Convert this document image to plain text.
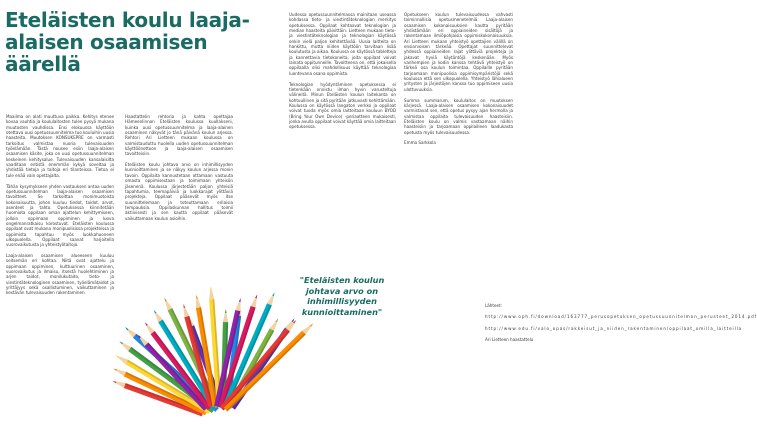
Eteläisten koulu laaja-alaisen osaamisen äärellä

Maailma on alati muuttuva paikka. Kehitys etenee kovaa vauhtia ja koululaitosten tulee pysyä mukana muutosten vauhdissa. Ensi elokuussa käyttöön otettava uusi opetussuunnitelma tuo kouluihin uusia haasteita. Muutoksen KONSUKEPRE on varmasti tarkoitus valmistaa nuoria tulevaisuuden työelämään. Tästä nousee esiin laaja-alaisen osaamisen käsite, joka on uusi opetussuunnitelman keskeinen kehitysalue. Tulevaisuuden kansalaisilta vaaditaan entistä enemmän kykyä soveltaa ja yhdistää tietoja ja taitoja eri tilanteissa. Tietoa ei tule enää vain opettajalta.

Tähän kysymykseen yhden vastauksen antaa uuden opetussuunnitelman laaja-alaisen osaamisen tavoitteet. Se tarkoittaa monimuotoista kokonaisuutta, johon kuuluu tiedot, taidot, arvot, asenteet ja tahto. Opetuksessa kiinnitetään huomiota oppilaan oman ajattelun kehittymiseen, jolloin oppimaan oppiminen ja luova ongelmanratkaisu korostuvat. Eteläisten koulussa oppilaat ovat mukana monipuolisissa projekteissa ja oppimista tapahtuu myös luokkahuoneen ulkopuolella. Oppilaat saavat harjoitella vuorovaikutusta ja yhteistyötaitoja.

Laaja-alaisen osaamisen alueeseen kuuluu seitsemän eri kohtaa. Niitä ovat ajattelu ja oppimaan oppiminen, kulttuurinen osaaminen, vuorovaikutus ja ilmaisu, itsestä huolehtiminen ja arjen taidot, monilukutaito, tieto- ja viestintäteknologinen osaaminen, työelämätaidot ja yrittäjyys sekä osallistuminen, vaikuttaminen ja kestävän tulevaisuuden rakentaminen.

Haastattelin rehtoria ja kahta opettajaa Hämeenlinnan Eteläisten koulussa kuullakseni, kuinka uusi opetussuunnitelma ja laaja-alainen osaaminen näkyvät jo tänä päivänä koulun arjessa. Rehtori Ari Lietteen mukaan koulussa on valmistauduttu huolella uuden opetussuunnitelman käyttöönottoon ja laaja-alaisen osaamisen tavoitteisiin.

Eteläisten koulu johtava arvo on inhimillisyyden kunnioittaminen ja se näkyy koulun arjessa monin tavoin. Oppilaita kannustetaan ottamaan vastuuta omasta oppimisestaan ja toimimaan yhteisön jäsenenä. Koulussa järjestetään paljon yhteisiä tapahtumia, teemapäiviä ja luokkarajat ylittäviä projekteja. Oppilaat pääsevät myös itse suunnittelemaan ja toteuttamaan erilaisia tempauksia. Oppilaskunnan hallitus toimii aktiivisesti ja sen kautta oppilaat pääsevät vaikuttamaan koulun asioihin.

Uudessa opetussuunnitelmassa mainitaan useassa kohdassa tieto- ja viestintäteknologian merkitys opetuksessa. Oppilaat kohtaavat teknologian ja median haasteita päivittäin. Lietteen mukaan tieto- ja viestintäteknologian ja teknologian käytössä onkin vielä paljon kehitettävää. Uusia laitteita on hankittu, mutta niiden käyttöön tarvitaan lisää koulutusta ja aikaa. Koulussa on käytössä tabletteja ja kannettavia tietokoneita, joita oppilaat voivat lainata oppitunneille. Tavoitteena on, että jokaisella oppilaalla olisi mahdollisuus käyttää teknologiaa luontevana osana oppimista.

Teknologian hyödyntäminen opetuksessa ei tietenkään onnistu ilman hyvin varusteltuja välineitä. Minun Eteläisten koulun laitekanta on kohtuullinen ja sitä pyritään jatkuvasti kehittämään. Koulussa on käytössä langaton verkko ja oppilaat voivat tuoda myös omia laitteitaan kouluun BYOD (Bring Your Own Device) -periaatteen mukaisesti, jonka avulla oppilaat voivat käyttää omia laitteitaan opetuksessa.

Opetukseen koulun tulevaisuudessa vahvasti toiminnallisia opetusmenetelmiä. Laaja-alaisen osaamisen kokonaisuuksien kautta pyritään yhdistämään eri oppiaineiden sisältöjä ja rakentamaan ilmiöpohjaisia oppimiskokonaisuuksia. Ari Lietteen mukaan yhteistyö opettajien välillä on ensiarvoisen tärkeää. Opettajat suunnittelevat yhdessä oppiaineiden rajat ylittäviä projekteja ja jakavat hyviä käytäntöjä keskenään. Myös vanhempien ja kodin kanssa tehtävä yhteistyö on tärkeä osa koulun toimintaa. Oppilaille pyritään tarjoamaan monipuolisia oppimisympäristöjä sekä koulussa että sen ulkopuolella. Yhteistyö lähialueen yritysten ja järjestöjen kanssa tuo oppimiseen uusia ulottuvuuksia.

Summa summarum, koululaitos on muutoksen kärjessä. Laaja-alaisen osaamisen kokonaisuudet varmistavat sen, että opetus pysyy ajan hermolla ja valmistaa oppilaita tulevaisuuden haasteisiin. Eteläisten koulu on valmis vastaamaan näihin haasteisiin ja tarjoamaan oppilailleen laadukasta opetusta myös tulevaisuudessa.

Emma Sarkkola

Lähteet:

http://www.oph.fi/download/163777_perusopetuksen_opetussuunnitelman_perusteet_2014.pdf

http://www.edu.fi/valo_opas/rakkeisut_ja_niiden_rakentaminen/oppilaat_omilla_laitteilla

Ari Lietteen haastattelu

"Eteläisten koulun johtava arvo on inhimillisyyden kunnioittaminen"
